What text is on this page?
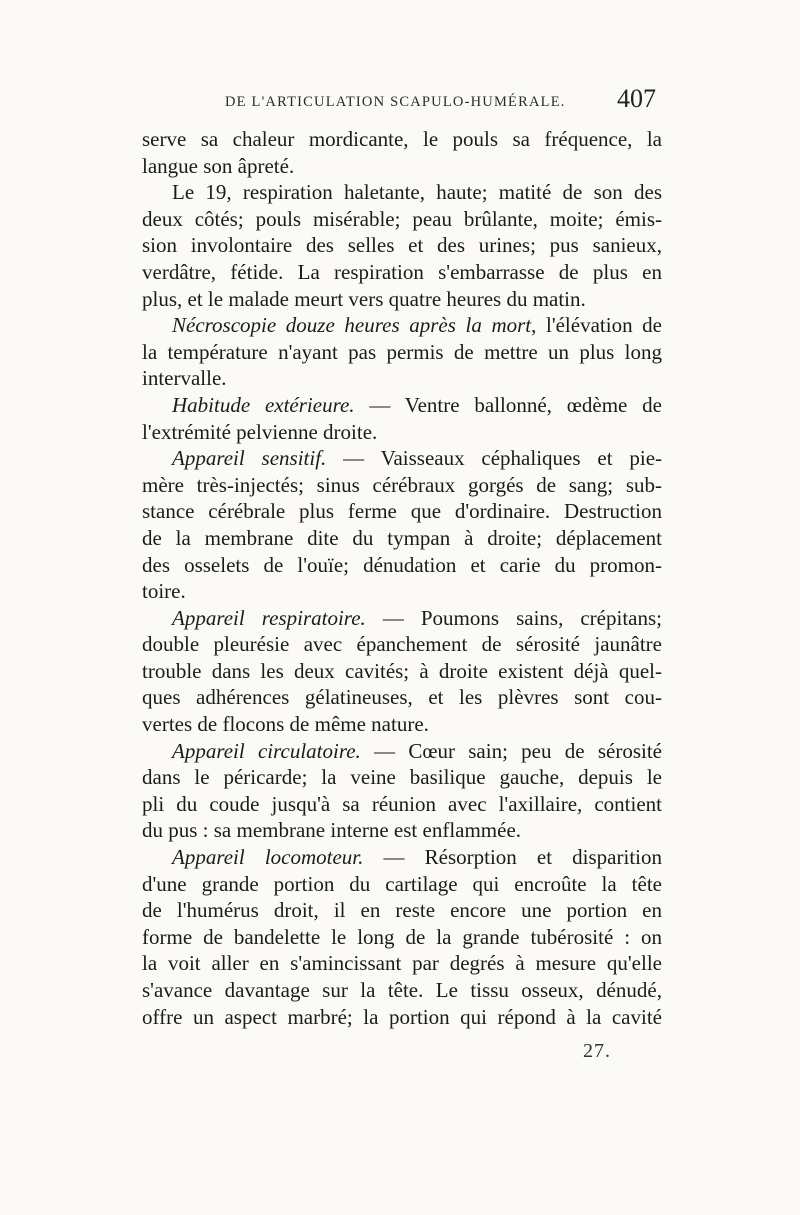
DE L'ARTICULATION SCAPULO-HUMÉRALE. 407
serve sa chaleur mordicante, le pouls sa fréquence, la
langue son âpreté.
Le 19, respiration haletante, haute; matité de son des
deux côtés; pouls misérable; peau brûlante, moite; émis-
sion involontaire des selles et des urines; pus sanieux,
verdâtre, fétide. La respiration s'embarrasse de plus en
plus, et le malade meurt vers quatre heures du matin.
Nécroscopie douze heures après la mort, l'élévation de
la température n'ayant pas permis de mettre un plus long
intervalle.
Habitude extérieure. — Ventre ballonné, œdème de
l'extrémité pelvienne droite.
Appareil sensitif. — Vaisseaux céphaliques et pie-
mère très-injectés; sinus cérébraux gorgés de sang; sub-
stance cérébrale plus ferme que d'ordinaire. Destruction
de la membrane dite du tympan à droite; déplacement
des osselets de l'ouïe; dénudation et carie du promon-
toire.
Appareil respiratoire. — Poumons sains, crépitans;
double pleurésie avec épanchement de sérosité jaunâtre
trouble dans les deux cavités; à droite existent déjà quel-
ques adhérences gélatineuses, et les plèvres sont cou-
vertes de flocons de même nature.
Appareil circulatoire. — Cœur sain; peu de sérosité
dans le péricarde; la veine basilique gauche, depuis le
pli du coude jusqu'à sa réunion avec l'axillaire, contient
du pus : sa membrane interne est enflammée.
Appareil locomoteur. — Résorption et disparition
d'une grande portion du cartilage qui encroûte la tête
de l'humérus droit, il en reste encore une portion en
forme de bandelette le long de la grande tubérosité : on
la voit aller en s'amincissant par degrés à mesure qu'elle
s'avance davantage sur la tête. Le tissu osseux, dénudé,
offre un aspect marbré; la portion qui répond à la cavité
27.
